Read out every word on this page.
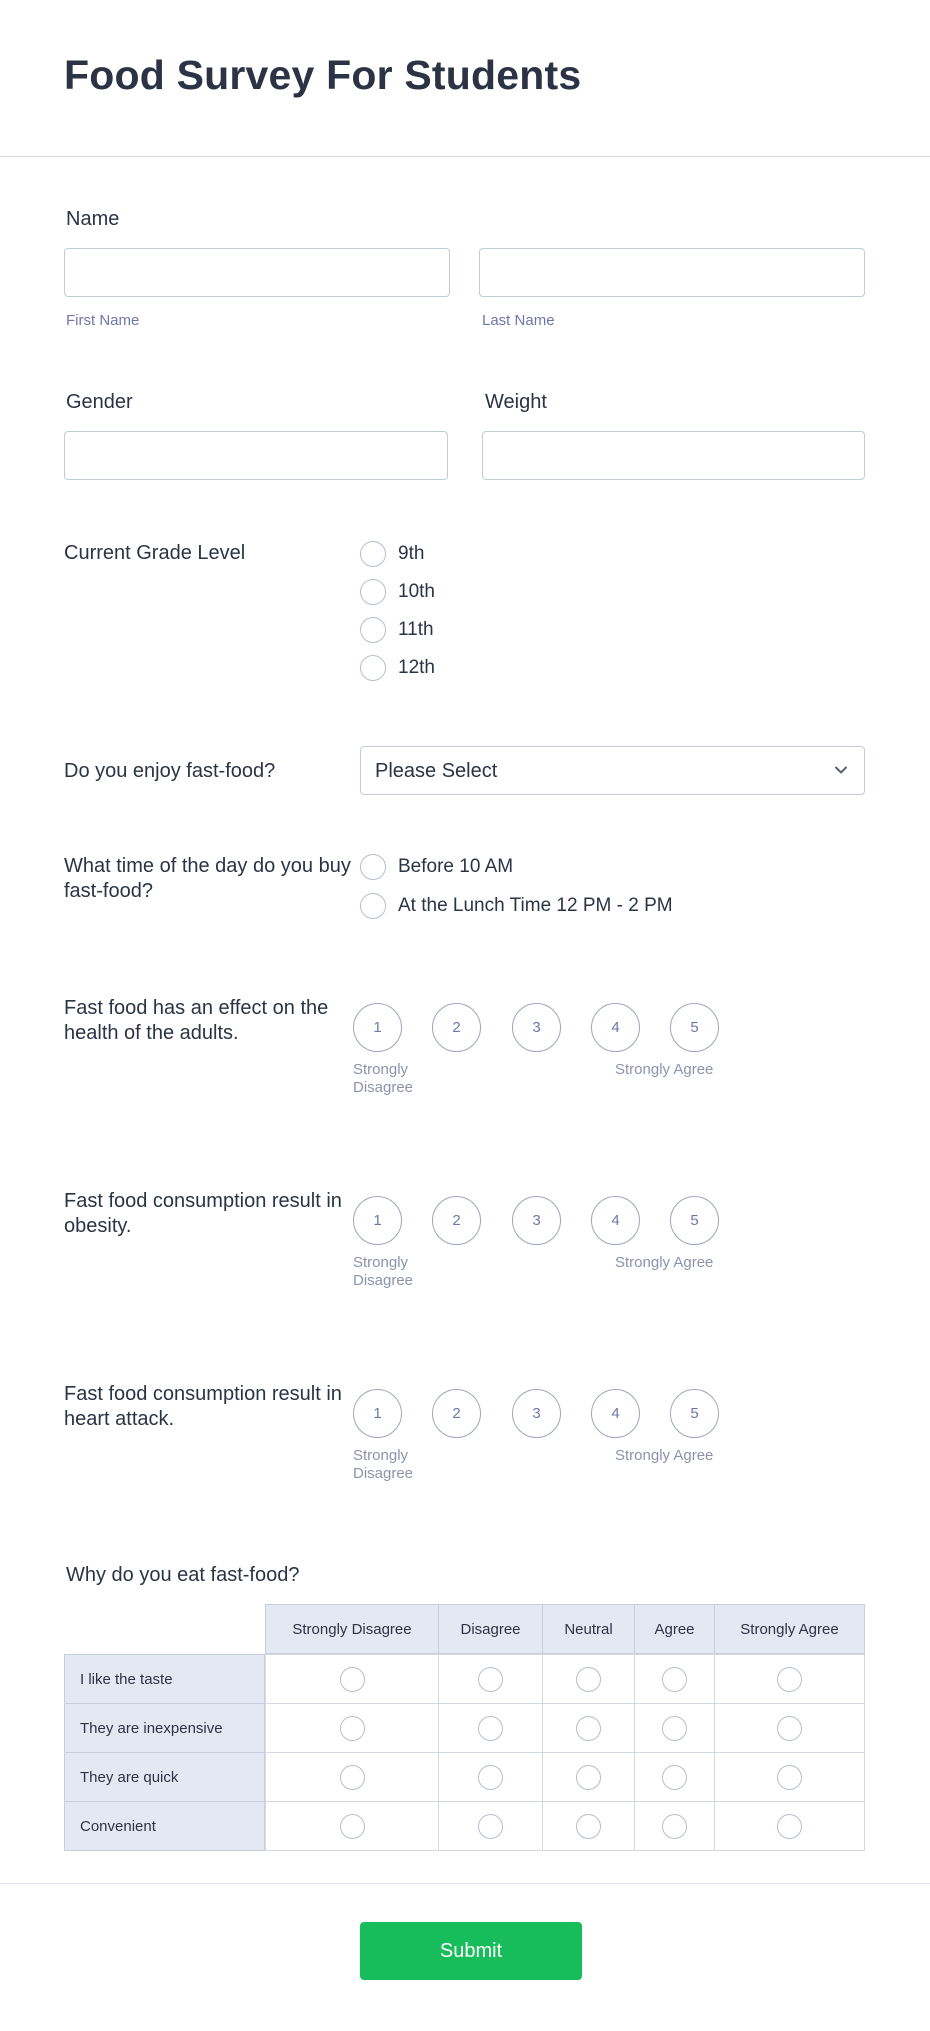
Food Survey For Students
Name
First Name	Last Name
Gender	Weight
Current Grade Level	9th
10th
11th
12th
Do you enjoy fast-food?	Please Select
What time of the day do you buy fast-food?
Before 10 AM
At the Lunch Time 12 PM - 2 PM
Fast food has an effect on the health of the adults.	1	2	3	4	5
Strongly Disagree
Strongly Agree
Fast food consumption result in obesity.	1	2	3	4	5
Strongly Disagree
Strongly Agree
Fast food consumption result in heart attack.	1	2	3	4	5
Strongly Disagree
Strongly Agree
Why do you eat fast-food?
Strongly Disagree	Disagree	Neutral	Agree	Strongly Agree
I like the taste
They are inexpensive
They are quick
Convenient
Submit
